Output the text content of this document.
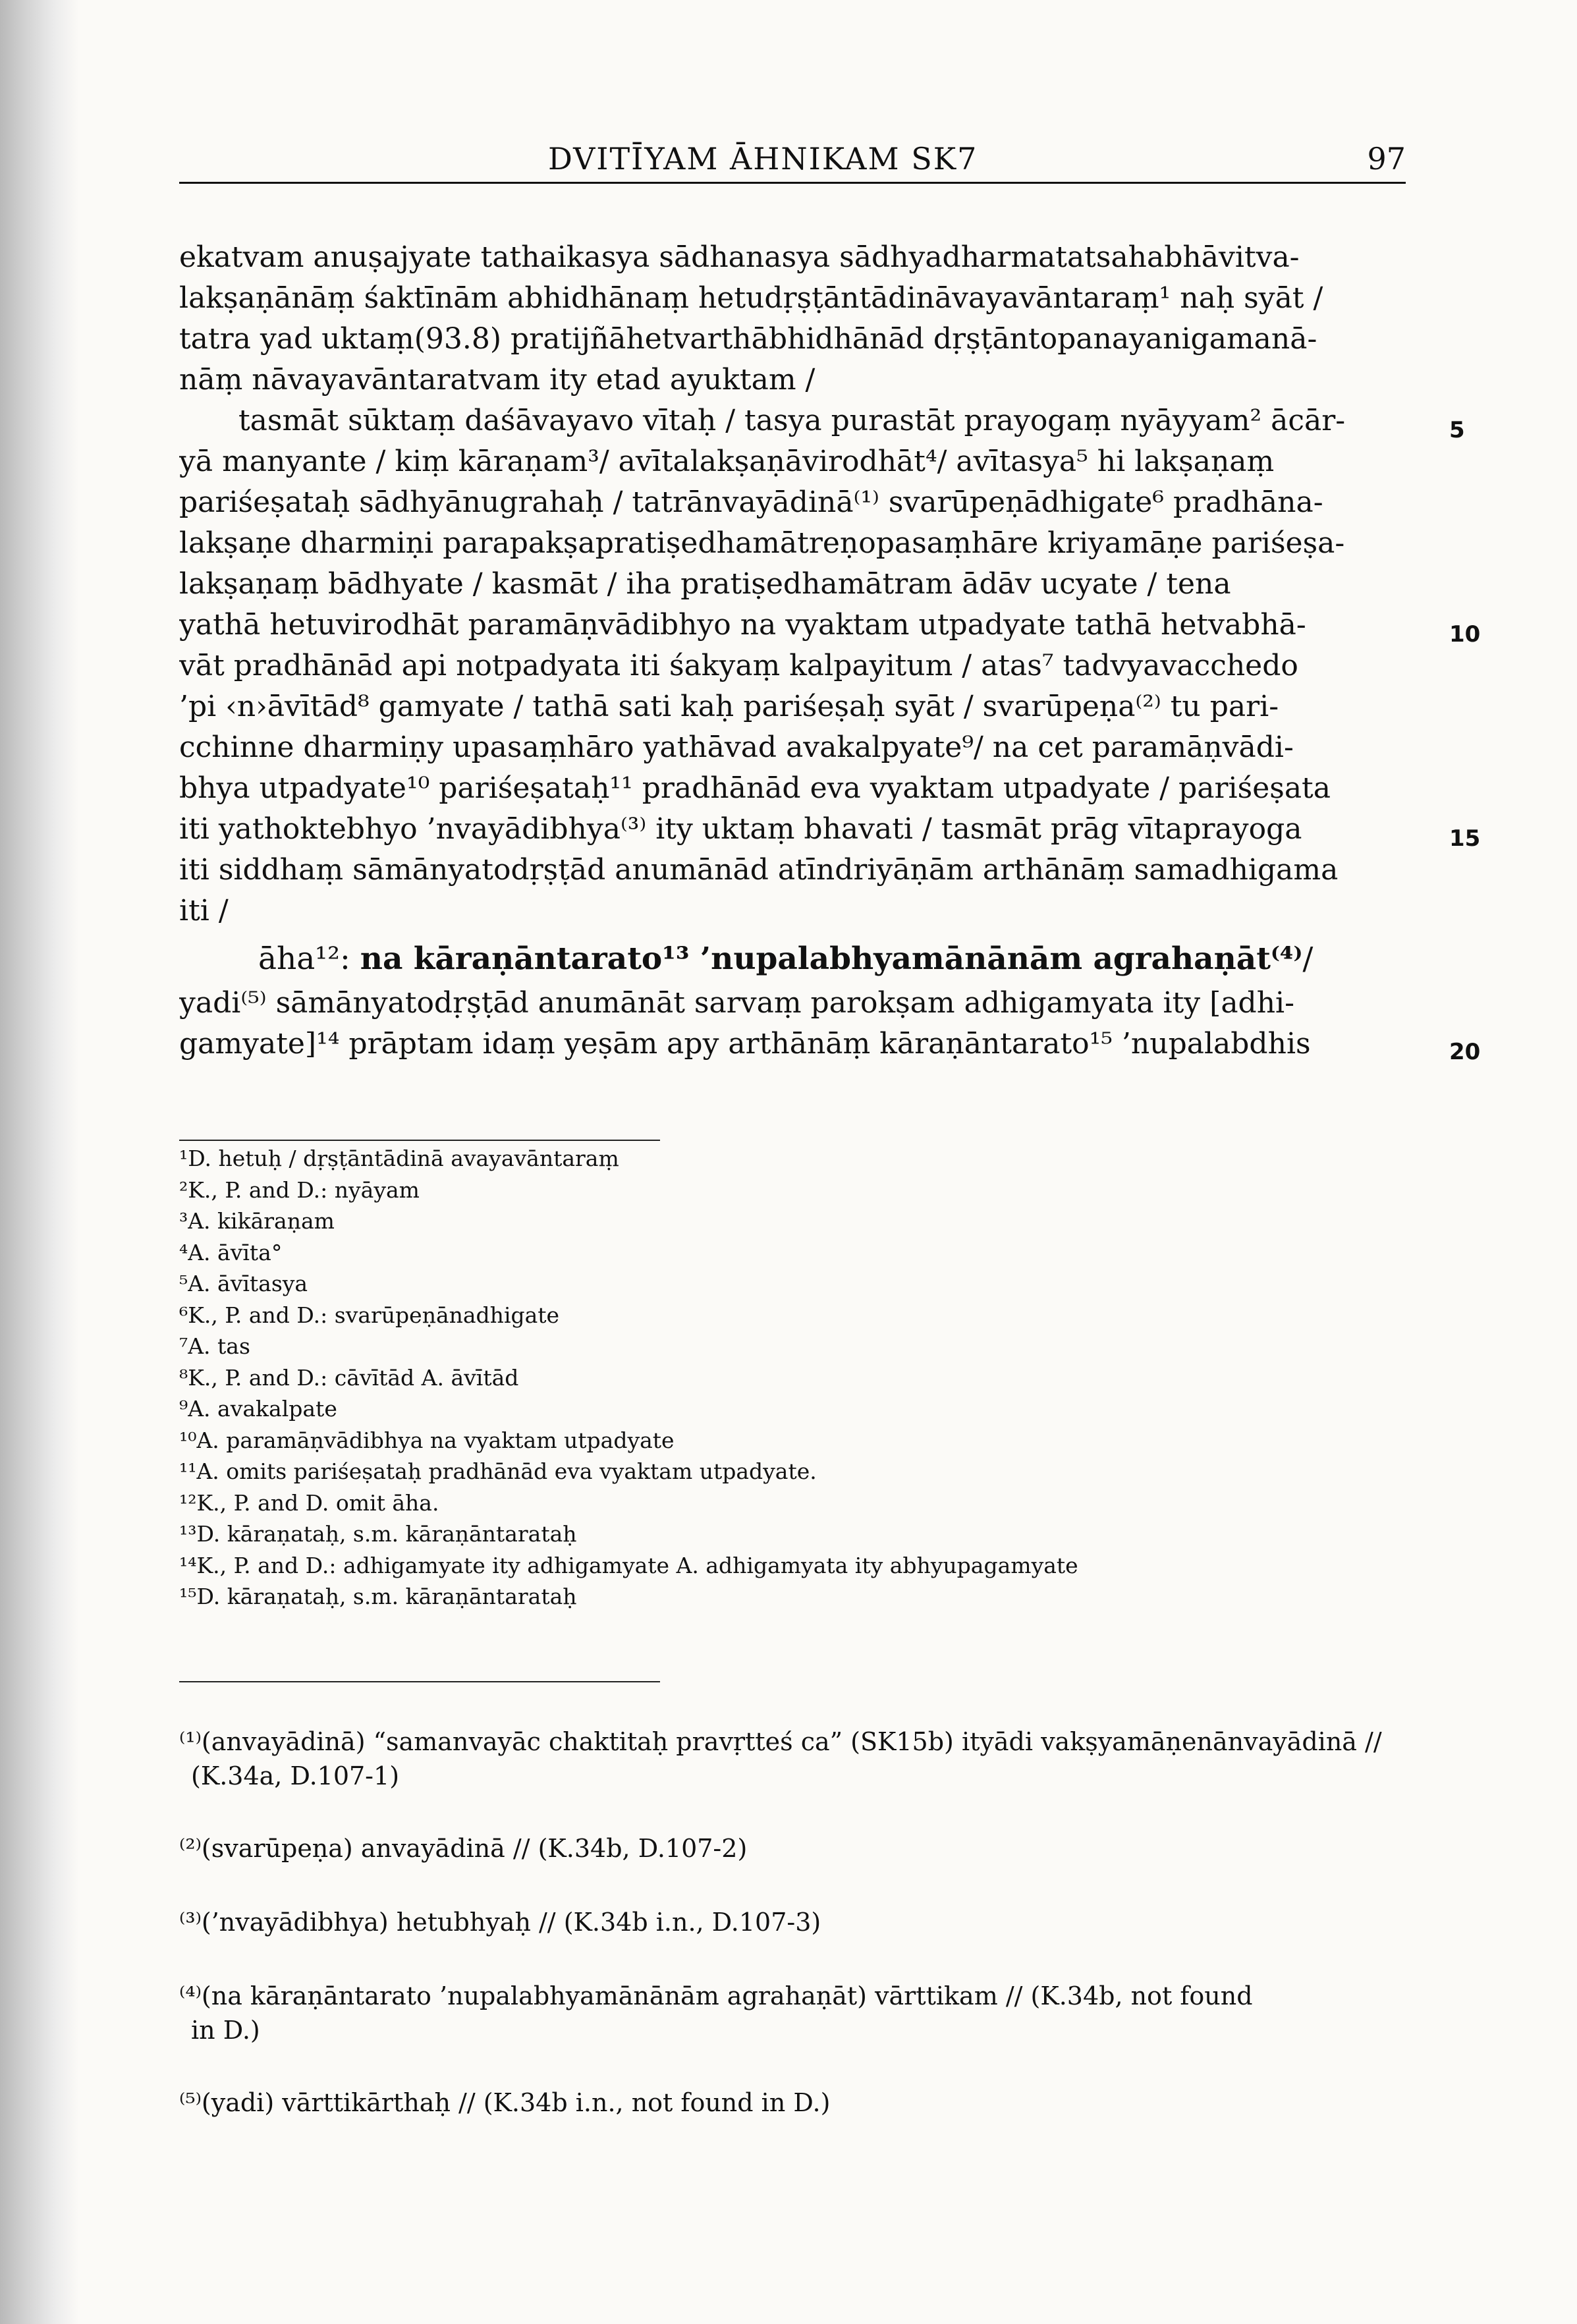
DVITĪYAM ĀHNIKAM SK7	97
ekatvam anuṣajyate tathaikasya sādhanasya sādhyadharmatatsahabhāvitva-
lakṣaṇānāṃ śaktīnām abhidhānaṃ hetudṛṣṭāntādināvayavāntaraṃ¹ naḥ syāt /
tatra yad uktaṃ(93.8) pratijñāhetvarthābhidhānād dṛṣṭāntopanayanigamanā-
nāṃ nāvayavāntaratvam ity etad ayuktam /
tasmāt sūktaṃ daśāvayavo vītaḥ / tasya purastāt prayogaṃ nyāyyam² ācār-
yā manyante / kiṃ kāraṇam³/ avītalakṣaṇāvirodhāt⁴/ avītasya⁵ hi lakṣaṇaṃ
pariśeṣataḥ sādhyānugrahaḥ / tatrānvayādinā⁽¹⁾ svarūpeṇādhigate⁶ pradhāna-
lakṣaṇe dharmiṇi parapakṣapratiṣedhamātreṇopasaṃhāre kriyamāṇe pariśeṣa-
lakṣaṇaṃ bādhyate / kasmāt / iha pratiṣedhamātram ādāv ucyate / tena
yathā hetuvirodhāt paramāṇvādibhyo na vyaktam utpadyate tathā hetvabhā-
vāt pradhānād api notpadyata iti śakyaṃ kalpayitum / atas⁷ tadvyavacchedo
’pi ‹n›āvītād⁸ gamyate / tathā sati kaḥ pariśeṣaḥ syāt / svarūpeṇa⁽²⁾ tu pari-
cchinne dharmiṇy upasaṃhāro yathāvad avakalpyate⁹/ na cet paramāṇvādi-
bhya utpadyate¹⁰ pariśeṣataḥ¹¹ pradhānād eva vyaktam utpadyate / pariśeṣata
iti yathoktebhyo ’nvayādibhya⁽³⁾ ity uktaṃ bhavati / tasmāt prāg vītaprayoga
iti siddhaṃ sāmānyatodṛṣṭād anumānād atīndriyāṇām arthānāṃ samadhigama
iti /
āha¹²: na kāraṇāntarato¹³ ’nupalabhyamānānām agrahaṇāt⁽⁴⁾/
yadi⁽⁵⁾ sāmānyatodṛṣṭād anumānāt sarvaṃ parokṣam adhigamyata ity [adhi-
gamyate]¹⁴ prāptam idaṃ yeṣām apy arthānāṃ kāraṇāntarato¹⁵ ’nupalabdhis
5
10
15
20
¹D. hetuḥ / dṛṣṭāntādinā avayavāntaraṃ
²K., P. and D.: nyāyam
³A. kikāraṇam
⁴A. āvīta°
⁵A. āvītasya
⁶K., P. and D.: svarūpeṇānadhigate
⁷A. tas
⁸K., P. and D.: cāvītād A. āvītād
⁹A. avakalpate
¹⁰A. paramāṇvādibhya na vyaktam utpadyate
¹¹A. omits pariśeṣataḥ pradhānād eva vyaktam utpadyate.
¹²K., P. and D. omit āha.
¹³D. kāraṇataḥ, s.m. kāraṇāntarataḥ
¹⁴K., P. and D.: adhigamyate ity adhigamyate A. adhigamyata ity abhyupagamyate
¹⁵D. kāraṇataḥ, s.m. kāraṇāntarataḥ
⁽¹⁾(anvayādinā) “samanvayāc chaktitaḥ pravṛtteś ca” (SK15b) ityādi vakṣyamāṇenānvayādinā //
(K.34a, D.107-1)
⁽²⁾(svarūpeṇa) anvayādinā // (K.34b, D.107-2)
⁽³⁾(’nvayādibhya) hetubhyaḥ // (K.34b i.n., D.107-3)
⁽⁴⁾(na kāraṇāntarato ’nupalabhyamānānām agrahaṇāt) vārttikam // (K.34b, not found
in D.)
⁽⁵⁾(yadi) vārttikārthaḥ // (K.34b i.n., not found in D.)
